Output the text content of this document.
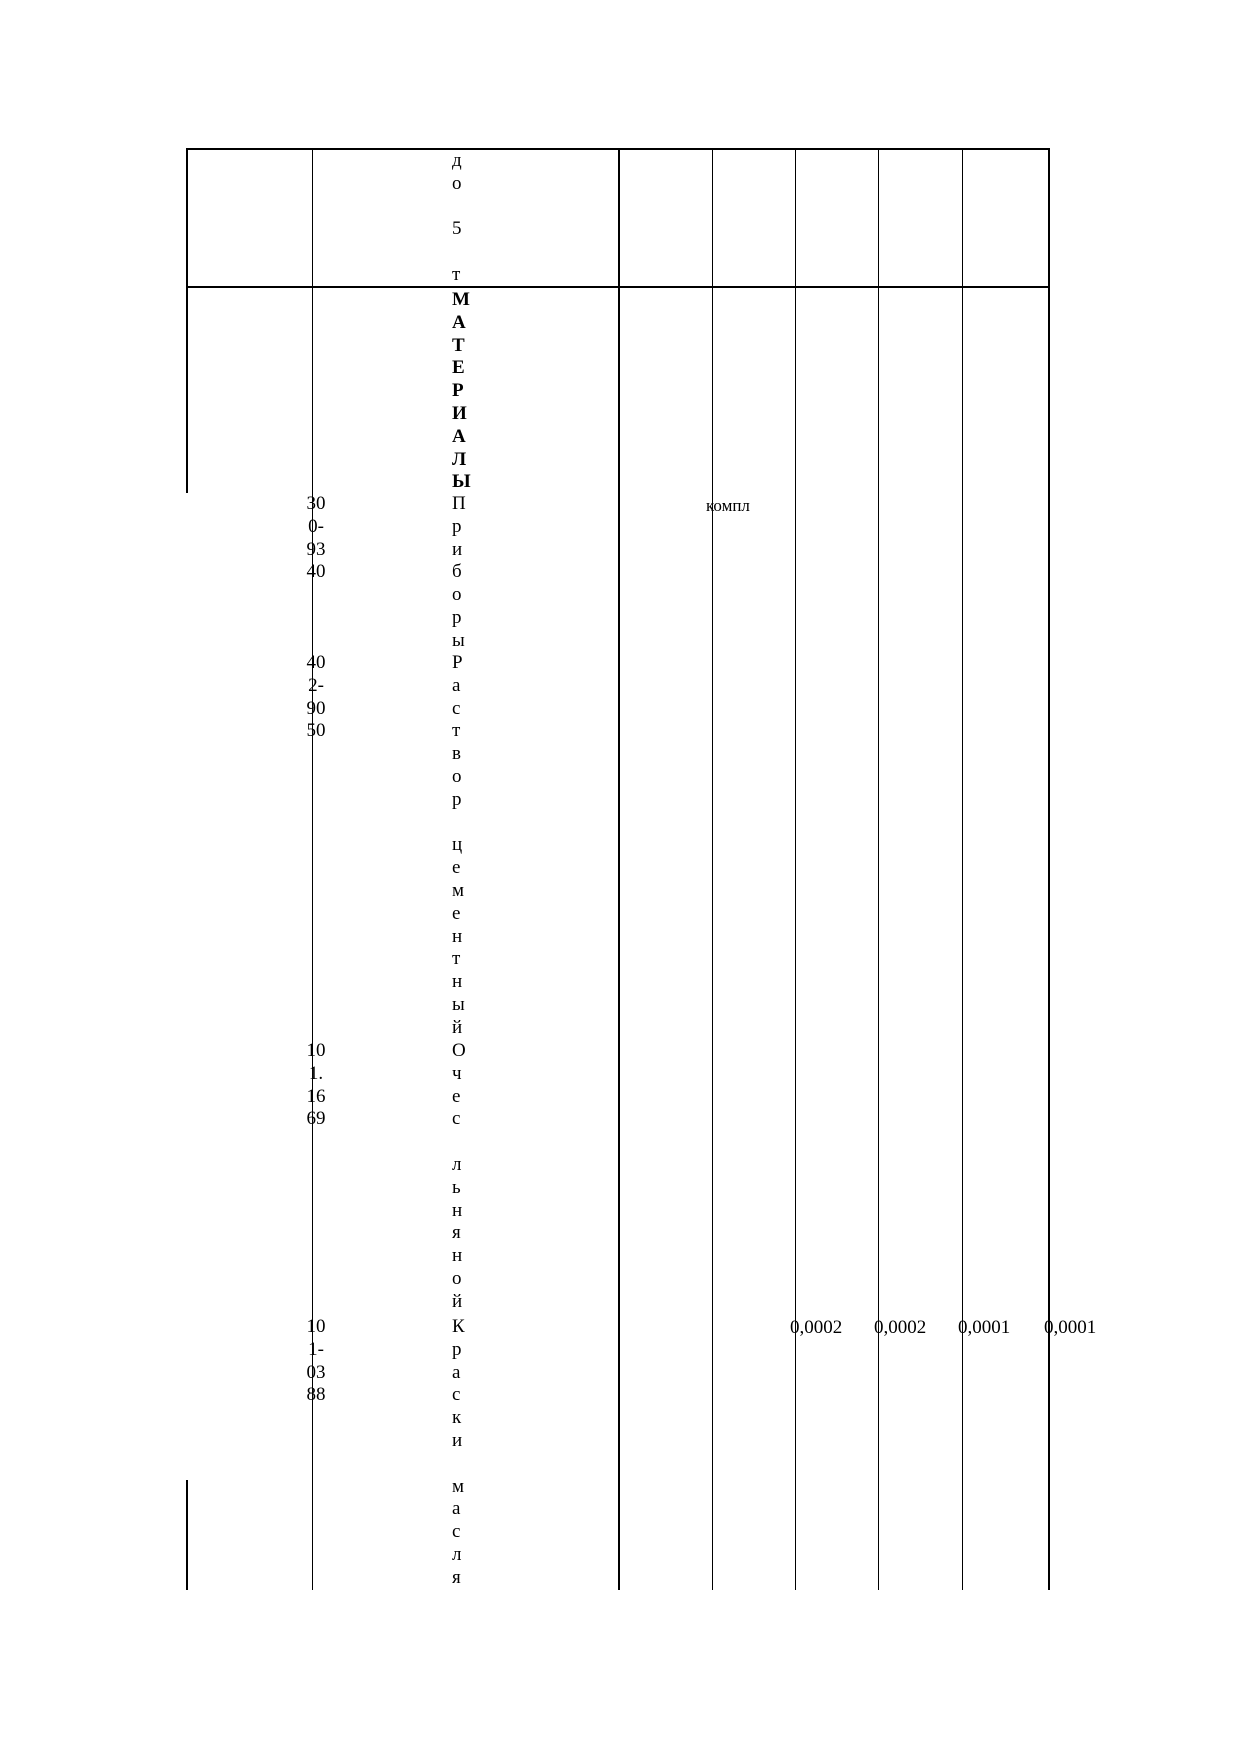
д
о

5

т
М
А
Т
Е
Р
И
А
Л
Ы
30
0-
93
40
П
р
и
б
о
р
ы
компл
40
2-
90
50
Р
а
с
т
в
о
р

ц
е
м
е
н
т
н
ы
й
10
1.
16
69
О
ч
е
с

л
ь
н
я
н
о
й
10
1-
03
88
К
р
а
с
к
и

м
а
с
л
я
0,0002 0,0002 0,0001 0,0001
